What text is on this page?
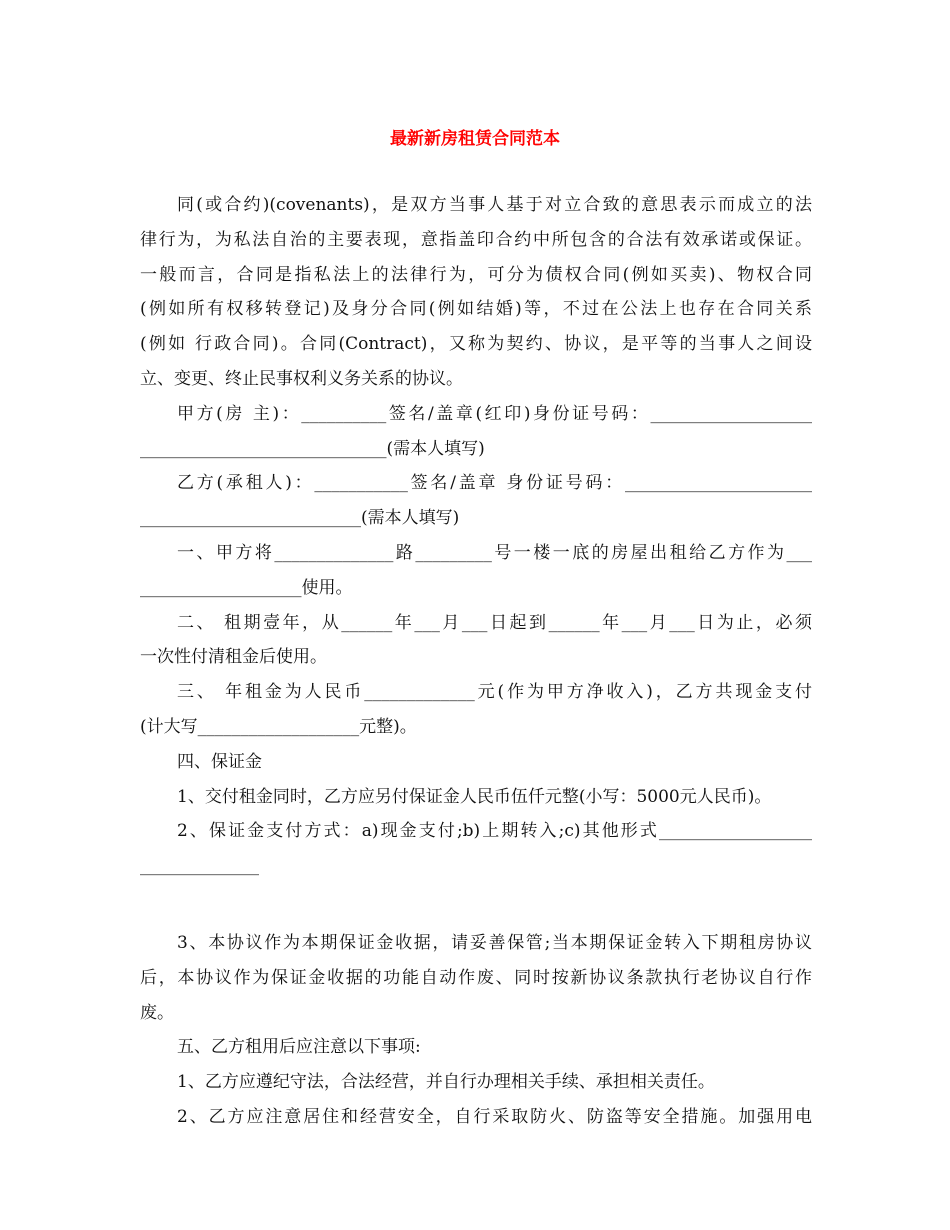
最新新房租赁合同范本
同(或合约)(covenants)，是双方当事人基于对立合致的意思表示而成立的法
律行为，为私法自治的主要表现，意指盖印合约中所包含的合法有效承诺或保证。
一般而言，合同是指私法上的法律行为，可分为债权合同(例如买卖)、物权合同
(例如所有权移转登记)及身分合同(例如结婚)等，不过在公法上也存在合同关系
(例如 行政合同)。合同(Contract)，又称为契约、协议，是平等的当事人之间设
立、变更、终止民事权利义务关系的协议。
甲方(房 主)：__________签名/盖章(红印)身份证号码：___________________
_____________________________(需本人填写)
乙方(承租人)：___________签名/盖章 身份证号码：______________________
__________________________(需本人填写)
一、甲方将______________路_________号一楼一底的房屋出租给乙方作为___
___________________使用。
二、 租期壹年，从______年___月___日起到______年___月___日为止，必须
一次性付清租金后使用。
三、 年租金为人民币_____________元(作为甲方净收入)，乙方共现金支付
(计大写___________________元整)。
四、保证金
1、交付租金同时，乙方应另付保证金人民币伍仟元整(小写：5000元人民币)。
2、保证金支付方式：a)现金支付;b)上期转入;c)其他形式__________________
______________
3、本协议作为本期保证金收据，请妥善保管;当本期保证金转入下期租房协议
后，本协议作为保证金收据的功能自动作废、同时按新协议条款执行老协议自行作
废。
五、乙方租用后应注意以下事项:
1、乙方应遵纪守法，合法经营，并自行办理相关手续、承担相关责任。
2、乙方应注意居住和经营安全，自行采取防火、防盗等安全措施。加强用电
